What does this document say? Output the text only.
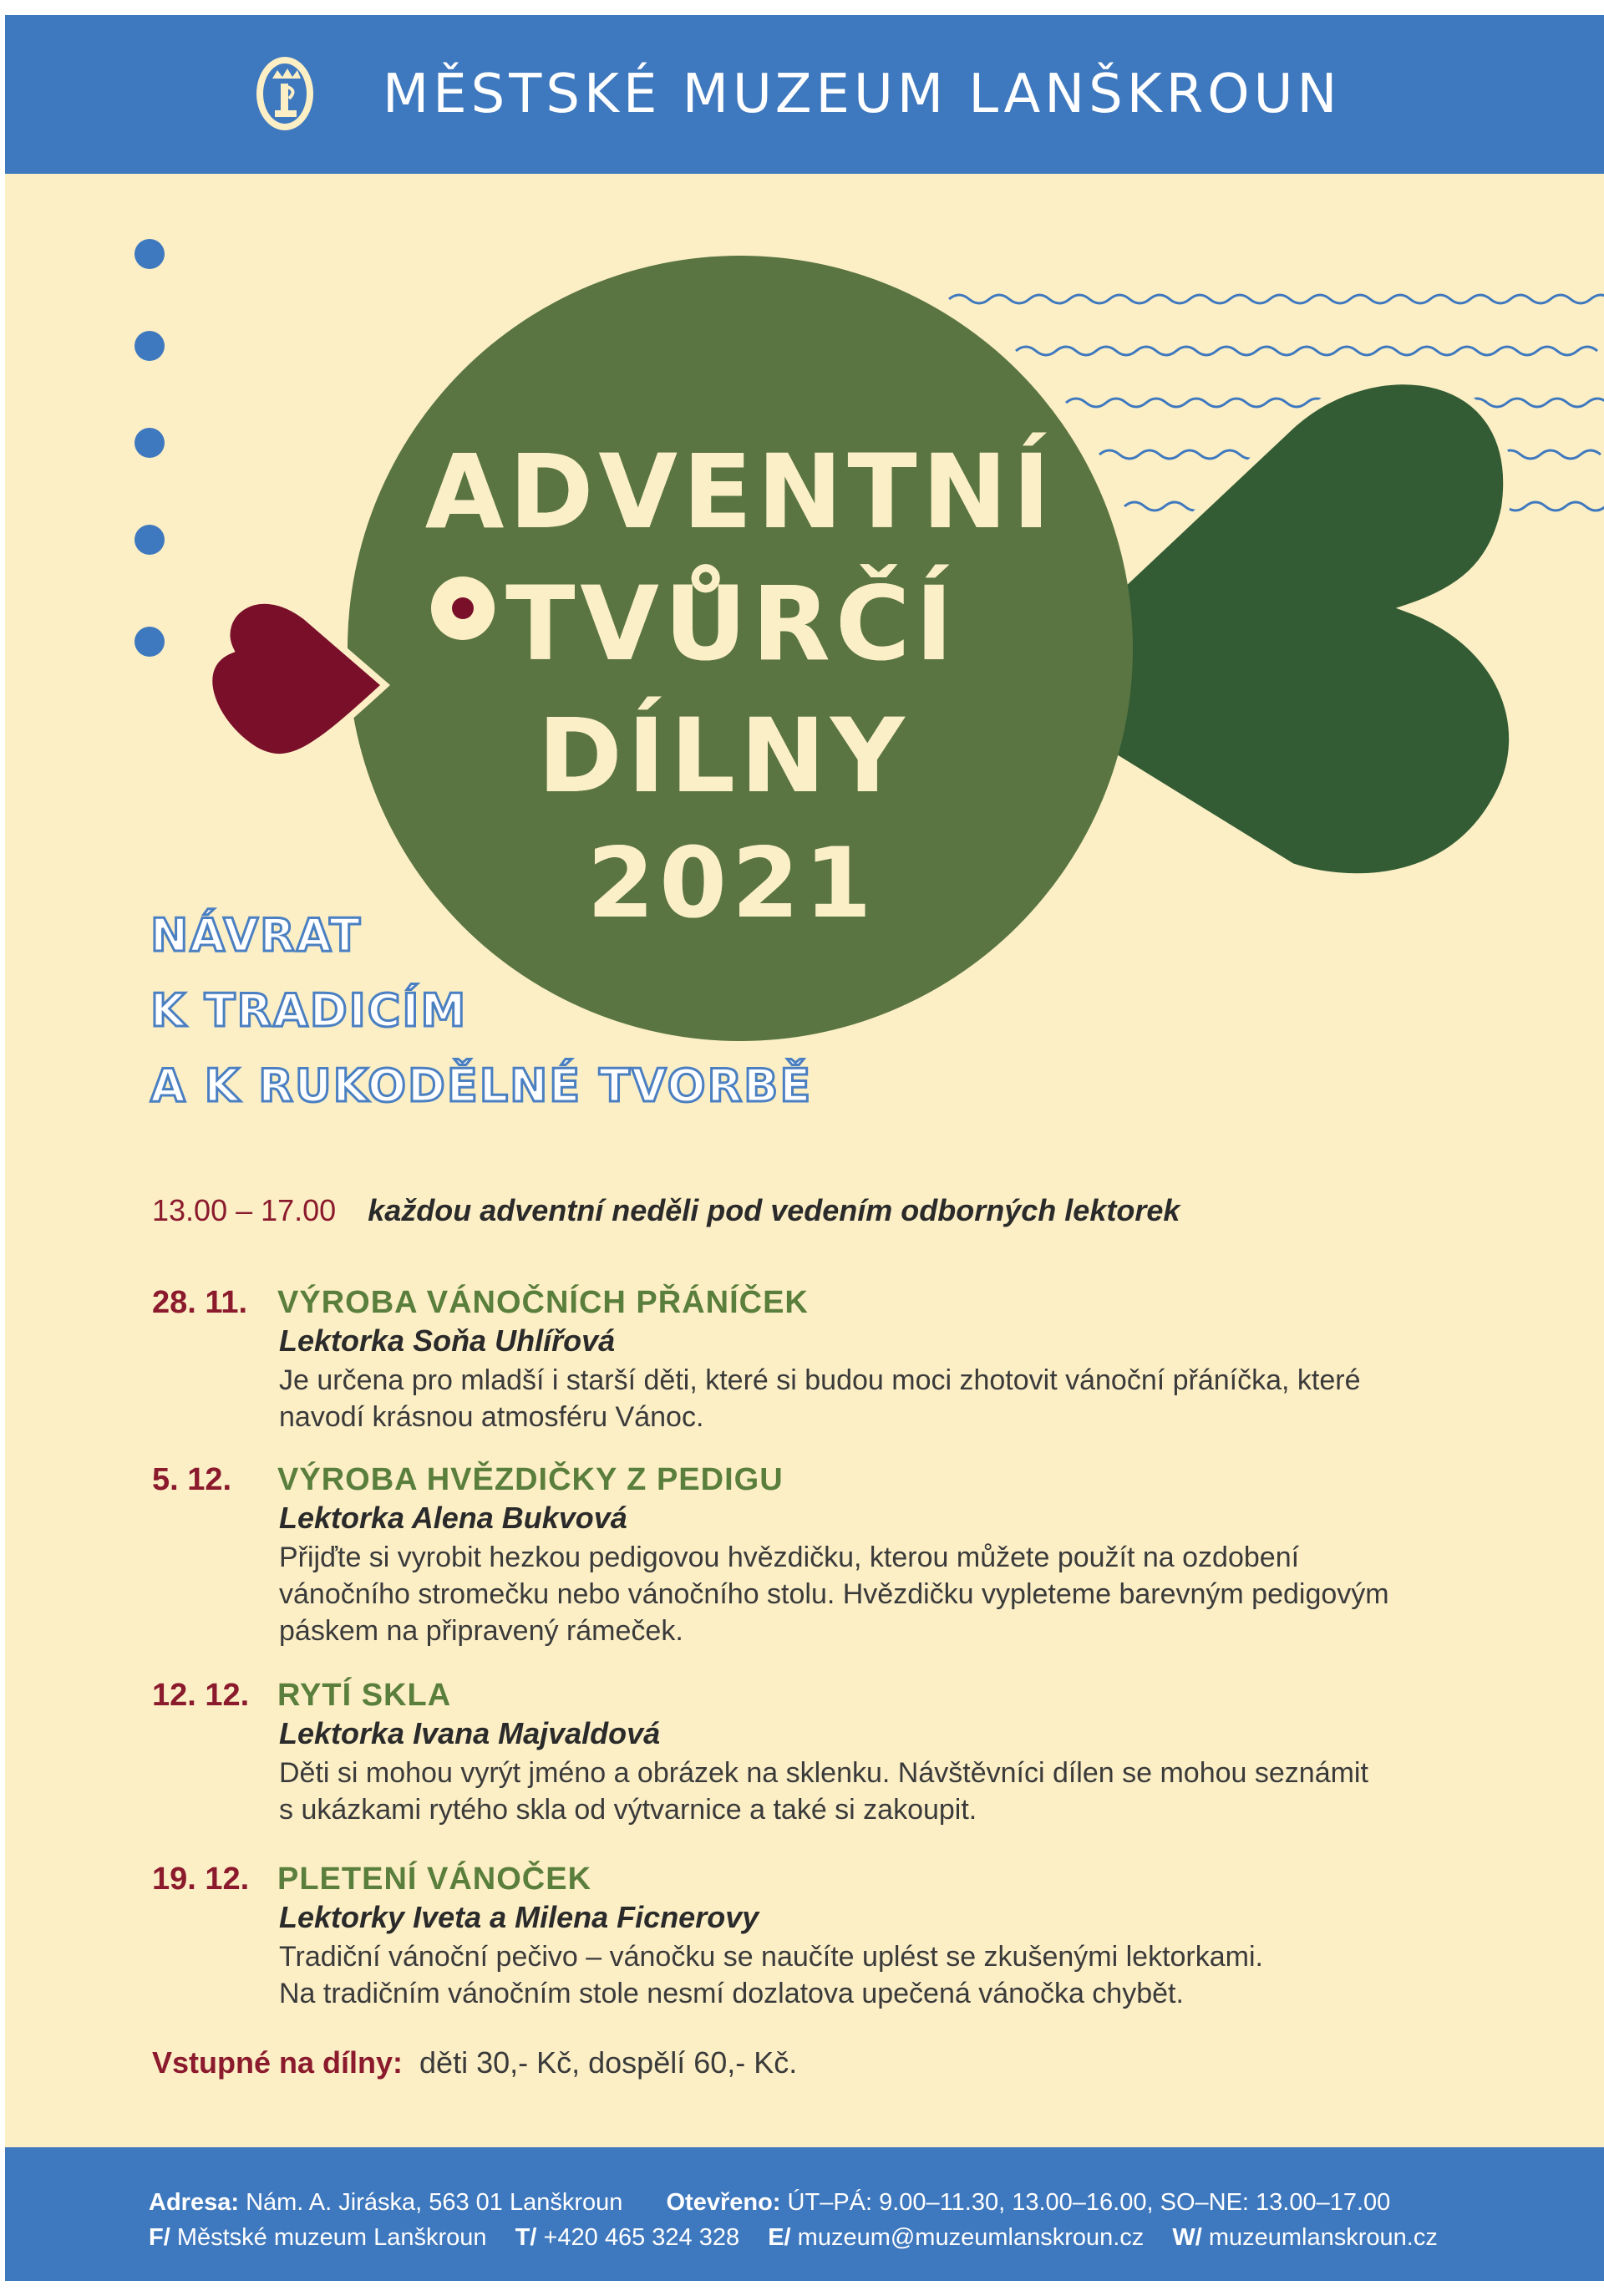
MĚSTSKÉ MUZEUM LANŠKROUN
ADVENTNÍ
TVŮRČÍ
DÍLNY
2021
NÁVRAT
K TRADICÍM
A K RUKODĚLNÉ TVORBĚ
13.00 – 17.00 každou adventní neděli pod vedením odborných lektorek
28. 11. VÝROBA VÁNOČNÍCH PŘÁNÍČEK
Lektorka Soňa Uhlířová
Je určena pro mladší i starší děti, které si budou moci zhotovit vánoční přáníčka, které
navodí krásnou atmosféru Vánoc.
5. 12. VÝROBA HVĚZDIČKY Z PEDIGU
Lektorka Alena Bukvová
Přijďte si vyrobit hezkou pedigovou hvězdičku, kterou můžete použít na ozdobení
vánočního stromečku nebo vánočního stolu. Hvězdičku vypleteme barevným pedigovým
páskem na připravený rámeček.
12. 12. RYTÍ SKLA
Lektorka Ivana Majvaldová
Děti si mohou vyrýt jméno a obrázek na sklenku. Návštěvníci dílen se mohou seznámit
s ukázkami rytého skla od výtvarnice a také si zakoupit.
19. 12. PLETENÍ VÁNOČEK
Lektorky Iveta a Milena Ficnerovy
Tradiční vánoční pečivo – vánočku se naučíte uplést se zkušenými lektorkami.
Na tradičním vánočním stole nesmí dozlatova upečená vánočka chybět.
Vstupné na dílny: děti 30,- Kč, dospělí 60,- Kč.
Adresa: Nám. A. Jiráska, 563 01 Lanškroun Otevřeno: ÚT–PÁ: 9.00–11.30, 13.00–16.00, SO–NE: 13.00–17.00
F/ Městské muzeum Lanškroun T/ +420 465 324 328 E/ muzeum@muzeumlanskroun.cz W/ muzeumlanskroun.cz
